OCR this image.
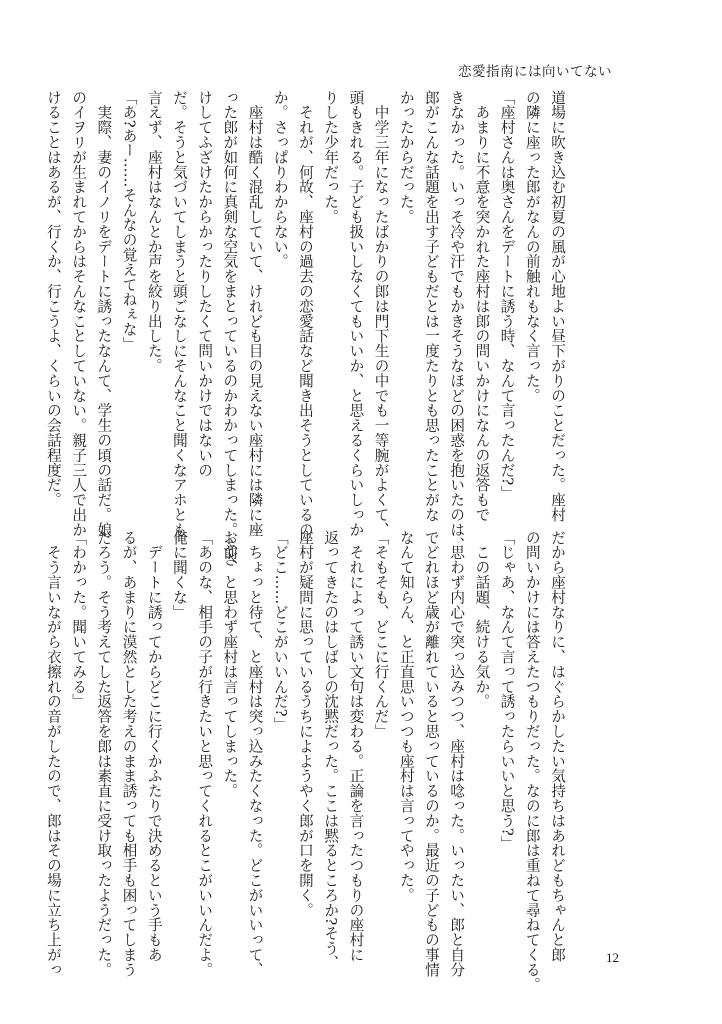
恋愛指南には向いてない
道場に吹き込む初夏の風が心地よい昼下がりのことだった。座村
の隣に座った郎がなんの前触れもなく言った。
「座村さんは奥さんをデートに誘う時、なんて言ったんだ?」
　あまりに不意を突かれた座村は郎の問いかけになんの返答もで
きなかった。いっそ冷や汗でもかきそうなほどの困惑を抱いたのは、
郎がこんな話題を出す子どもだとは一度たりとも思ったことがな
かったからだった。
　中学三年になったばかりの郎は門下生の中でも一等腕がよくて、
頭もきれる。子ども扱いしなくてもいいか、と思えるくらいしっか
りした少年だった。
　それが、何故、座村の過去の恋愛話など聞き出そうとしているの
か。さっぱりわからない。
　座村は酷く混乱していて、けれども目の見えない座村には隣に座
った郎が如何に真剣な空気をまとっているのかわかってしまった。ふざ
けしてふざけたからかったりしたくて問いかけではないの
だ。そうと気づいてしまうと頭ごなしにそんなこと聞くなアホとも
言えず、座村はなんとか声を絞り出した。
「あ?あー……そんなの覚えてねぇな」
　実際、妻のイノリをデートに誘ったなんて、学生の頃の話だ。娘
のイヲリが生まれてからはそんなことしていない。親子三人で出か
けることはあるが、行くか、行こうよ、くらいの会話程度だ。
だから座村なりに、はぐらかしたい気持ちはあれどもちゃんと郎
の問いかけには答えたつもりだった。なのに郎は重ねて尋ねてくる。
「じゃあ、なんて言って誘ったらいいと思う?」
　この話題、続ける気か。
　思わず内心で突っ込みつつ、座村は唸った。いったい、郎と自分
でどれほど歳が離れていると思っているのか。最近の子どもの事情
なんて知らん、と正直思いつつも座村は言ってやった。
「そもそも、どこに行くんだ」
　それによって誘い文句は変わる。正論を言ったつもりの座村に
返ってきたのはしばしの沈黙だった。ここは黙るところか?そう、
座村が疑問に思っているうちによようやく郎が口を開く。
「どこ……どこがいいんだ?」
　ちょっと待て、と座村は突っ込みたくなった。どこがいいって、
お前、と思わず座村は言ってしまった。
「あのな、相手の子が行きたいと思ってくれるとこがいいんだよ。
俺に聞くな」
　デートに誘ってからどこに行くかふたりで決めるという手もあ
るが、あまりに漠然とした考えのまま誘っても相手も困ってしまう
だろう。そう考えてした返答を郎は素直に受け取ったようだった。
「わかった。聞いてみる」
　そう言いながら衣擦れの音がしたので、郎はその場に立ち上がっ	12
